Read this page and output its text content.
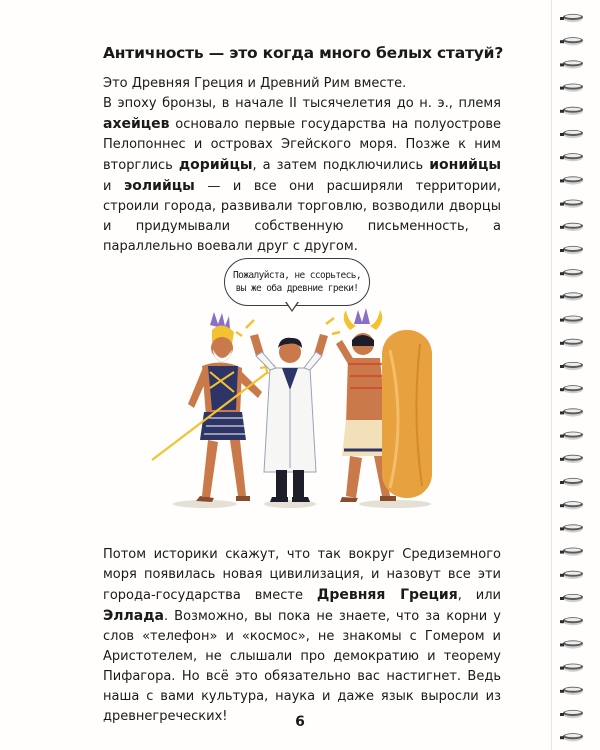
Античность — это когда много белых статуй?
Это Древняя Греция и Древний Рим вместе.
В эпоху бронзы, в начале II тысячелетия до н. э., племя ахейцев основало первые государства на полуострове Пелопоннес и островах Эгейского моря. Позже к ним вторглись дорийцы, а затем подключились ионийцы и эолийцы — и все они расширяли территории, строили города, развивали торговлю, возводили дворцы и придумывали собственную письменность, а параллельно воевали друг с другом.
Пожалуйста, не ссорьтесь,
вы же оба древние греки!
Потом историки скажут, что так вокруг Средиземного моря появилась новая цивилизация, и назовут все эти города-государства вместе Древняя Греция, или Эллада. Возможно, вы пока не знаете, что за корни у слов «телефон» и «космос», не знакомы с Гомером и Аристотелем, не слышали про демократию и теорему Пифагора. Но всё это обязательно вас настигнет. Ведь наша с вами культура, наука и даже язык выросли из древнегреческих!	6
